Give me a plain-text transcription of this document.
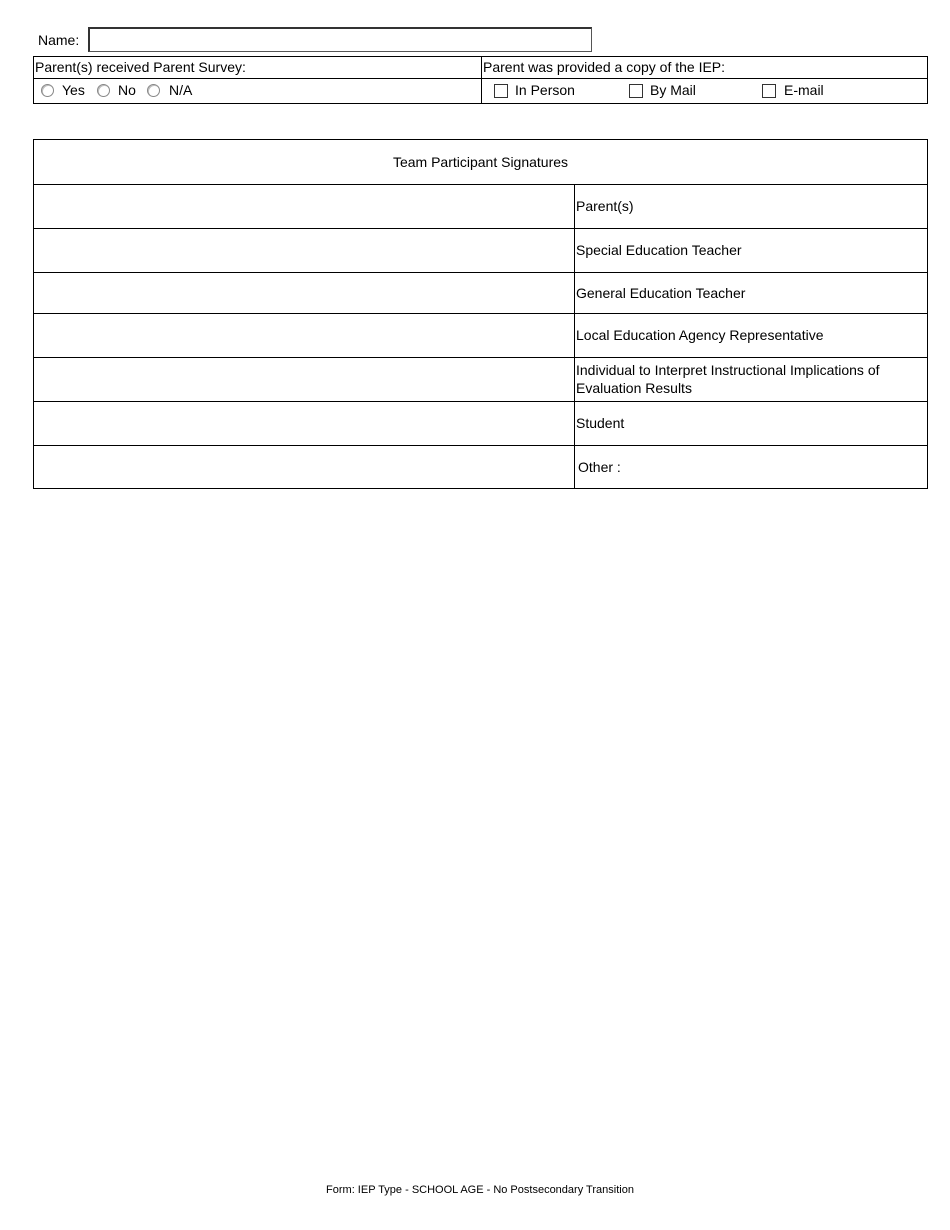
Name:
Parent(s) received Parent Survey:	Parent was provided a copy of the IEP:
Yes No N/A	In Person	By Mail	E-mail
Team Participant Signatures
Parent(s)
Special Education Teacher
General Education Teacher
Local Education Agency Representative
Individual to Interpret Instructional Implications of Evaluation Results
Student
Other :
Form: IEP Type - SCHOOL AGE - No Postsecondary Transition
